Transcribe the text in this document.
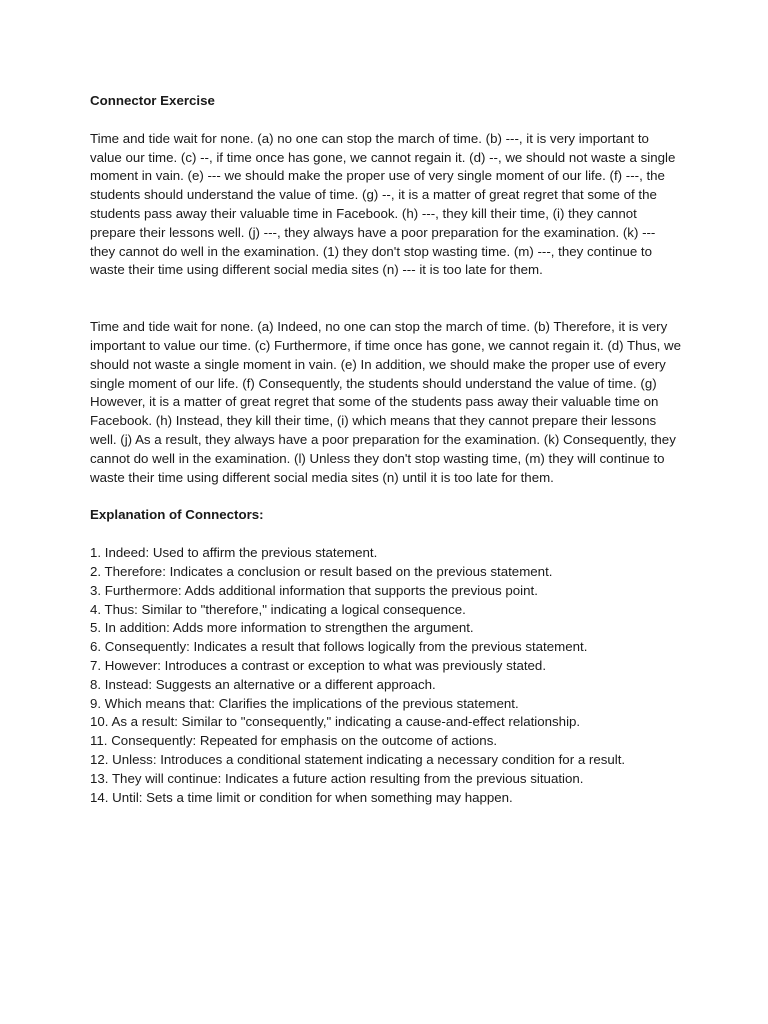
Connector Exercise

Time and tide wait for none. (a) no one can stop the march of time. (b) ---, it is very important to value our time. (c) --, if time once has gone, we cannot regain it. (d) --, we should not waste a single moment in vain. (e) --- we should make the proper use of very single moment of our life. (f) ---, the students should understand the value of time. (g) --, it is a matter of great regret that some of the students pass away their valuable time in Facebook. (h) ---, they kill their time, (i) they cannot prepare their lessons well. (j) ---, they always have a poor preparation for the examination. (k) --- they cannot do well in the examination. (1) they don't stop wasting time. (m) ---, they continue to waste their time using different social media sites (n) --- it is too late for them.

Time and tide wait for none. (a) Indeed, no one can stop the march of time. (b) Therefore, it is very important to value our time. (c) Furthermore, if time once has gone, we cannot regain it. (d) Thus, we should not waste a single moment in vain. (e) In addition, we should make the proper use of every single moment of our life. (f) Consequently, the students should understand the value of time. (g) However, it is a matter of great regret that some of the students pass away their valuable time on Facebook. (h) Instead, they kill their time, (i) which means that they cannot prepare their lessons well. (j) As a result, they always have a poor preparation for the examination. (k) Consequently, they cannot do well in the examination. (l) Unless they don't stop wasting time, (m) they will continue to waste their time using different social media sites (n) until it is too late for them.

Explanation of Connectors:

1. Indeed: Used to affirm the previous statement.
2. Therefore: Indicates a conclusion or result based on the previous statement.
3. Furthermore: Adds additional information that supports the previous point.
4. Thus: Similar to "therefore," indicating a logical consequence.
5. In addition: Adds more information to strengthen the argument.
6. Consequently: Indicates a result that follows logically from the previous statement.
7. However: Introduces a contrast or exception to what was previously stated.
8. Instead: Suggests an alternative or a different approach.
9. Which means that: Clarifies the implications of the previous statement.
10. As a result: Similar to "consequently," indicating a cause-and-effect relationship.
11. Consequently: Repeated for emphasis on the outcome of actions.
12. Unless: Introduces a conditional statement indicating a necessary condition for a result.
13. They will continue: Indicates a future action resulting from the previous situation.
14. Until: Sets a time limit or condition for when something may happen.
